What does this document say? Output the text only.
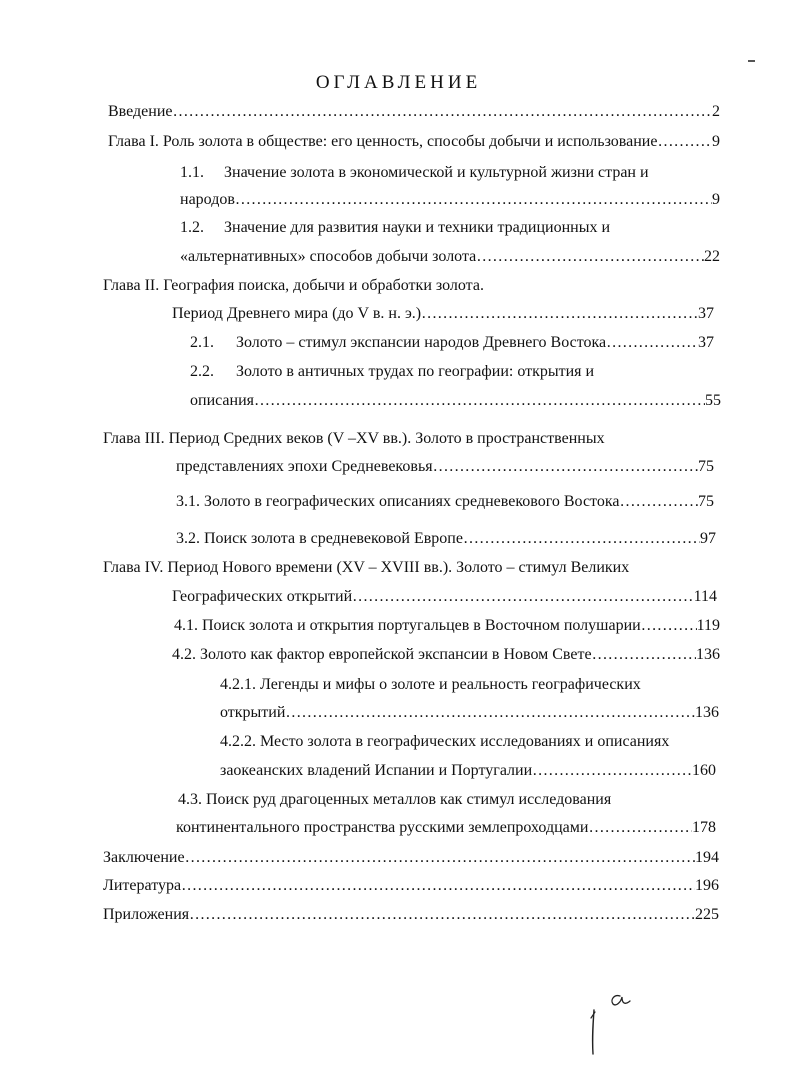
ОГЛАВЛЕНИЕ
Введение ……………………………………………………………………………………………………………………………………………………………………	2
Глава I. Роль золота в обществе: его ценность, способы добычи и использование ……………………………………………………………………………………………………………………………………………………………………	9
1.1. Значение золота в экономической и культурной жизни стран и
народов ……………………………………………………………………………………………………………………………………………………………………	9
1.2. Значение для развития науки и техники традиционных и
«альтернативных» способов добычи золота ……………………………………………………………………………………………………………………………………………………………………	22
Глава II. География поиска, добычи и обработки золота.
Период Древнего мира (до V в. н. э.) ……………………………………………………………………………………………………………………………………………………………………	37
2.1.	Золото – стимул экспансии народов Древнего Востока ……………………………………………………………………………………………………………………………………………………………………	37
2.2. Золото в античных трудах по географии: открытия и
описания ……………………………………………………………………………………………………………………………………………………………………	55
Глава III. Период Средних веков (V –XV вв.). Золото в пространственных
представлениях эпохи Средневековья ……………………………………………………………………………………………………………………………………………………………………	75
3.1. Золото в географических описаниях средневекового Востока ……………………………………………………………………………………………………………………………………………………………………	75
3.2. Поиск золота в средневековой Европе ……………………………………………………………………………………………………………………………………………………………………	97
Глава IV. Период Нового времени (XV – XVIII вв.). Золото – стимул Великих
Географических открытий ……………………………………………………………………………………………………………………………………………………………………	114
4.1. Поиск золота и открытия португальцев в Восточном полушарии ……………………………………………………………………………………………………………………………………………………………………	119
4.2. Золото как фактор европейской экспансии в Новом Свете ……………………………………………………………………………………………………………………………………………………………………	136
4.2.1. Легенды и мифы о золоте и реальность географических
открытий ……………………………………………………………………………………………………………………………………………………………………	136
4.2.2. Место золота в географических исследованиях и описаниях
заокеанских владений Испании и Португалии ……………………………………………………………………………………………………………………………………………………………………	160
4.3. Поиск руд драгоценных металлов как стимул исследования
континентального пространства русскими землепроходцами ……………………………………………………………………………………………………………………………………………………………………	178
Заключение ……………………………………………………………………………………………………………………………………………………………………	194
Литература ……………………………………………………………………………………………………………………………………………………………………	196
Приложения ……………………………………………………………………………………………………………………………………………………………………	225
